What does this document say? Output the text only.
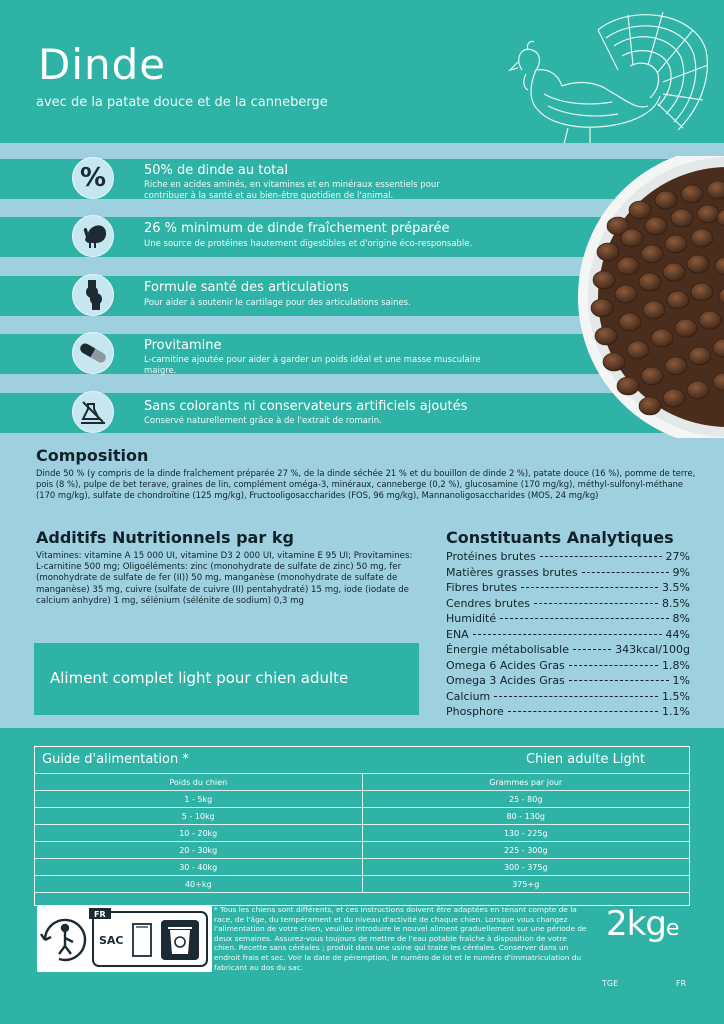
Dinde
avec de la patate douce et de la canneberge
%	50% de dinde au total
Riche en acides aminés, en vitamines et en minéraux essentiels pour contribuer à la santé et au bien-être quotidien de l'animal.
26 % minimum de dinde fraîchement préparée
Une source de protéines hautement digestibles et d'origine éco-responsable.
Formule santé des articulations
Pour aider à soutenir le cartilage pour des articulations saines.
Provitamine
L-carnitine ajoutée pour aider à garder un poids idéal et une masse musculaire maigre.
Sans colorants ni conservateurs artificiels ajoutés
Conservé naturellement grâce à de l'extrait de romarin.
Composition
Dinde 50 % (y compris de la dinde fraîchement préparée 27 %, de la dinde séchée 21 % et du bouillon de dinde 2 %), patate douce (16 %), pomme de terre, pois (8 %), pulpe de bet terave, graines de lin, complément oméga-3, minéraux, canneberge (0,2 %), glucosamine (170 mg/kg), méthyl-sulfonyl-méthane (170 mg/kg), sulfate de chondroïtine (125 mg/kg), Fructooligosaccharides (FOS, 96 mg/kg), Mannanoligosaccharides (MOS, 24 mg/kg)
Additifs Nutritionnels par kg
Vitamines: vitamine A 15 000 UI, vitamine D3 2 000 UI, vitamine E 95 UI; Provitamines: L-carnitine 500 mg; Oligoéléments: zinc (monohydrate de sulfate de zinc) 50 mg, fer (monohydrate de sulfate de fer (II)) 50 mg, manganèse (monohydrate de sulfate de manganèse) 35 mg, cuivre (sulfate de cuivre (II) pentahydraté) 15 mg, iode (iodate de calcium anhydre) 1 mg, sélénium (sélénite de sodium) 0,3 mg
Constituants Analytiques
Protéines brutes	27%
Matières grasses brutes	9%
Fibres brutes	3.5%
Cendres brutes	8.5%
Humidité	8%
ENA	44%
Énergie métabolisable	343kcal/100g
Omega 6 Acides Gras	1.8%
Omega 3 Acides Gras	1%
Calcium	1.5%
Phosphore	1.1%
Aliment complet light pour chien adulte
Guide d'alimentation *	Chien adulte Light
Poids du chien	Grammes par jour
1 - 5kg	25 - 80g
5 - 10kg	80 - 130g
10 - 20kg	130 - 225g
20 - 30kg	225 - 300g
30 - 40kg	300 - 375g
40+kg	375+g
FR
SAC
* Tous les chiens sont différents, et ces instructions doivent être adaptées en tenant compte de la race, de l'âge, du tempérament et du niveau d'activité de chaque chien. Lorsque vous changez l'alimentation de votre chien, veuillez introduire le nouvel aliment graduellement sur une période de deux semaines. Assurez-vous toujours de mettre de l'eau potable fraîche à disposition de votre chien. Recette sans céréales ; produit dans une usine qui traite les céréales. Conserver dans un endroit frais et sec. Voir la date de péremption, le numéro de lot et le numéro d'immatriculation du fabricant au dos du sac.
2kge
TGE	FR
